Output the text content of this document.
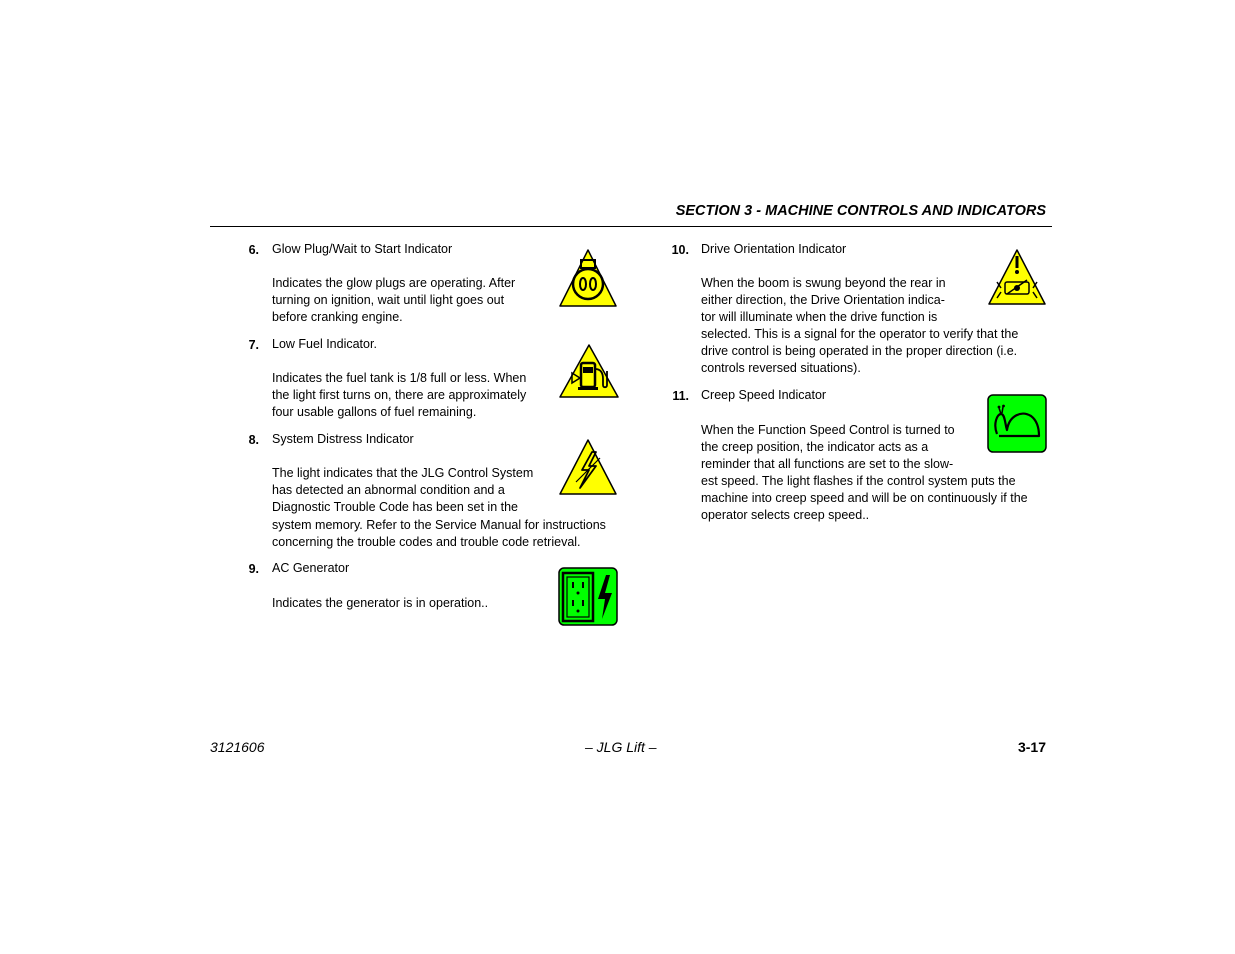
SECTION 3 - MACHINE CONTROLS AND INDICATORS
6. Glow Plug/Wait to Start Indicator
Indicates the glow plugs are operating. After
turning on ignition, wait until light goes out
before cranking engine.
7. Low Fuel Indicator.
Indicates the fuel tank is 1/8 full or less. When
the light first turns on, there are approximately
four usable gallons of fuel remaining.
8. System Distress Indicator
The light indicates that the JLG Control System
has detected an abnormal condition and a
Diagnostic Trouble Code has been set in the
system memory. Refer to the Service Manual for instructions
concerning the trouble codes and trouble code retrieval.
9. AC Generator
Indicates the generator is in operation..
10. Drive Orientation Indicator
When the boom is swung beyond the rear in
either direction, the Drive Orientation indica-
tor will illuminate when the drive function is
selected. This is a signal for the operator to verify that the
drive control is being operated in the proper direction (i.e.
controls reversed situations).
11. Creep Speed Indicator
When the Function Speed Control is turned to
the creep position, the indicator acts as a
reminder that all functions are set to the slow-
est speed. The light flashes if the control system puts the
machine into creep speed and will be on continuously if the
operator selects creep speed..
3121606	– JLG Lift –	3-17
